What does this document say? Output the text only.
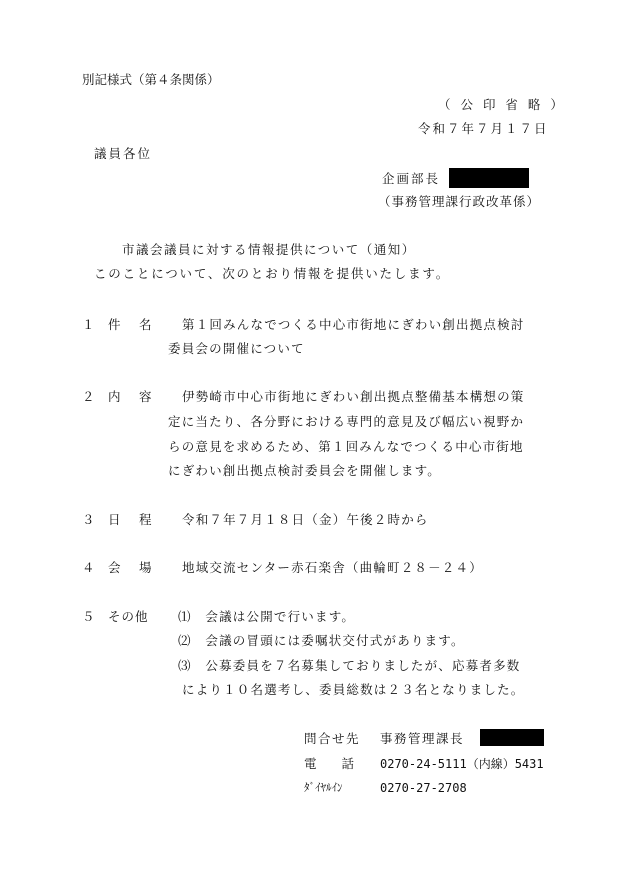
別記様式（第４条関係）
（ 公 印 省 略 ）
令和７年７月１７日
議員各位
企画部長
（事務管理課行政改革係）
市議会議員に対する情報提供について（通知）
このことについて、次のとおり情報を提供いたします。
１ 件　名 第１回みんなでつくる中心市街地にぎわい創出拠点検討
委員会の開催について
２ 内　容 伊勢崎市中心市街地にぎわい創出拠点整備基本構想の策
定に当たり、各分野における専門的意見及び幅広い視野か
らの意見を求めるため、第１回みんなでつくる中心市街地
にぎわい創出拠点検討委員会を開催します。
３ 日　程 令和７年７月１８日（金）午後２時から
４ 会　場 地域交流センター赤石楽舎（曲輪町２８－２４）
５ その他 ⑴　会議は公開で行います。
⑵　会議の冒頭には委嘱状交付式があります。
⑶　公募委員を７名募集しておりましたが、応募者多数
により１０名選考し、委員総数は２３名となりました。
問合せ先 事務管理課長
電　　話 0270-24-5111（内線）5431
ﾀﾞｲﾔﾙｲﾝ	0270-27-2708
